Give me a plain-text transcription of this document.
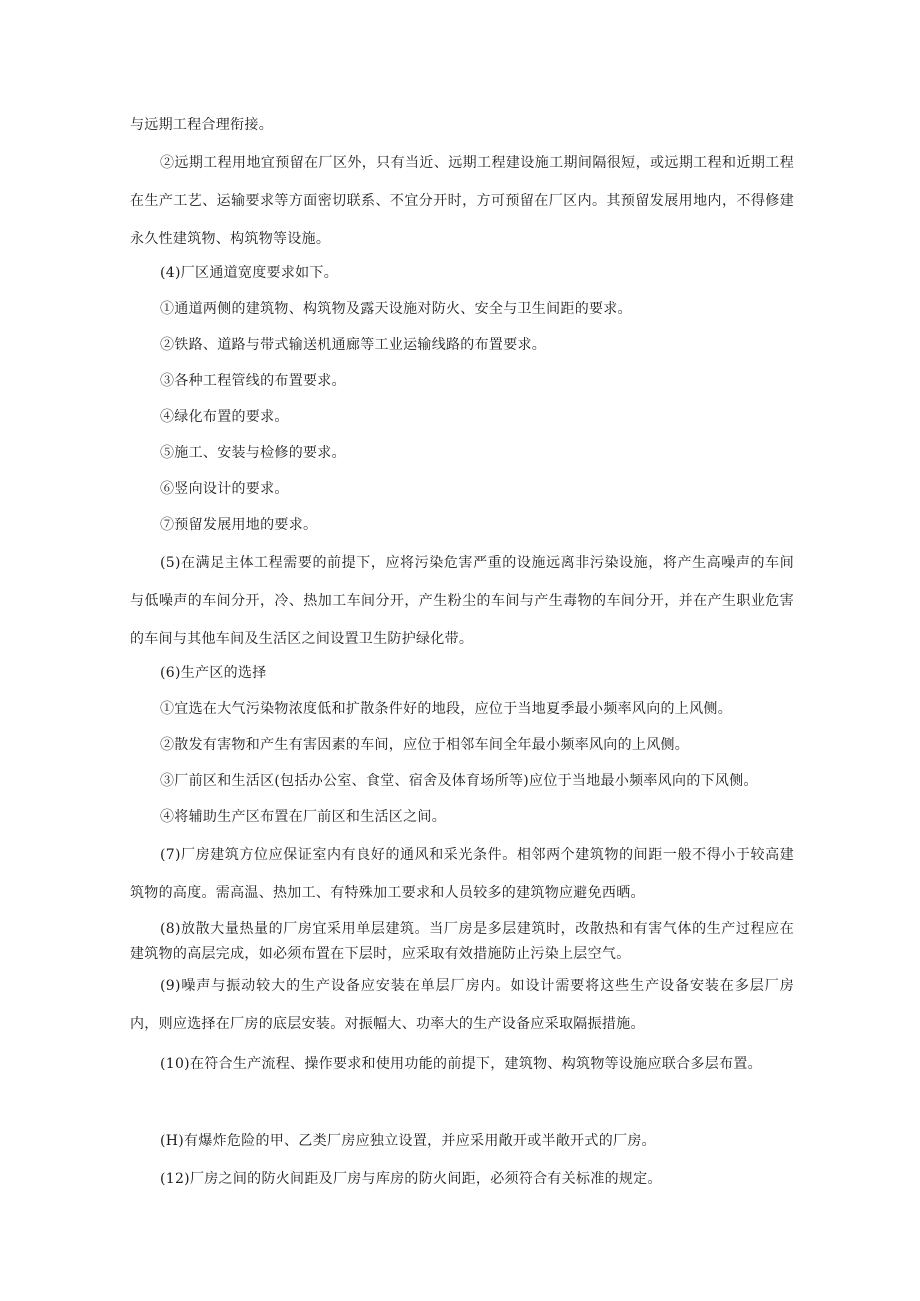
与远期工程合理衔接。

②远期工程用地宜预留在厂区外，只有当近、远期工程建设施工期间隔很短，或远期工程和近期工程在生产工艺、运输要求等方面密切联系、不宜分开时，方可预留在厂区内。其预留发展用地内，不得修建永久性建筑物、构筑物等设施。

(4)厂区通道宽度要求如下。

①通道两侧的建筑物、构筑物及露天设施对防火、安全与卫生间距的要求。

②铁路、道路与带式输送机通廊等工业运输线路的布置要求。

③各种工程管线的布置要求。

④绿化布置的要求。

⑤施工、安装与检修的要求。

⑥竖向设计的要求。

⑦预留发展用地的要求。

(5)在满足主体工程需要的前提下，应将污染危害严重的设施远离非污染设施，将产生高噪声的车间与低噪声的车间分开，冷、热加工车间分开，产生粉尘的车间与产生毒物的车间分开，并在产生职业危害的车间与其他车间及生活区之间设置卫生防护绿化带。

(6)生产区的选择

①宜选在大气污染物浓度低和扩散条件好的地段，应位于当地夏季最小频率风向的上风侧。

②散发有害物和产生有害因素的车间，应位于相邻车间全年最小频率风向的上风侧。

③厂前区和生活区(包括办公室、食堂、宿舍及体育场所等)应位于当地最小频率风向的下风侧。

④将辅助生产区布置在厂前区和生活区之间。

(7)厂房建筑方位应保证室内有良好的通风和采光条件。相邻两个建筑物的间距一般不得小于较高建筑物的高度。需高温、热加工、有特殊加工要求和人员较多的建筑物应避免西晒。

(8)放散大量热量的厂房宜采用单层建筑。当厂房是多层建筑时，改散热和有害气体的生产过程应在建筑物的高层完成，如必须布置在下层时，应采取有效措施防止污染上层空气。

(9)噪声与振动较大的生产设备应安装在单层厂房内。如设计需要将这些生产设备安装在多层厂房内，则应选择在厂房的底层安装。对振幅大、功率大的生产设备应采取隔振措施。

(10)在符合生产流程、操作要求和使用功能的前提下，建筑物、构筑物等设施应联合多层布置。

(H)有爆炸危险的甲、乙类厂房应独立设置，并应采用敞开或半敞开式的厂房。

(12)厂房之间的防火间距及厂房与库房的防火间距，必须符合有关标准的规定。
